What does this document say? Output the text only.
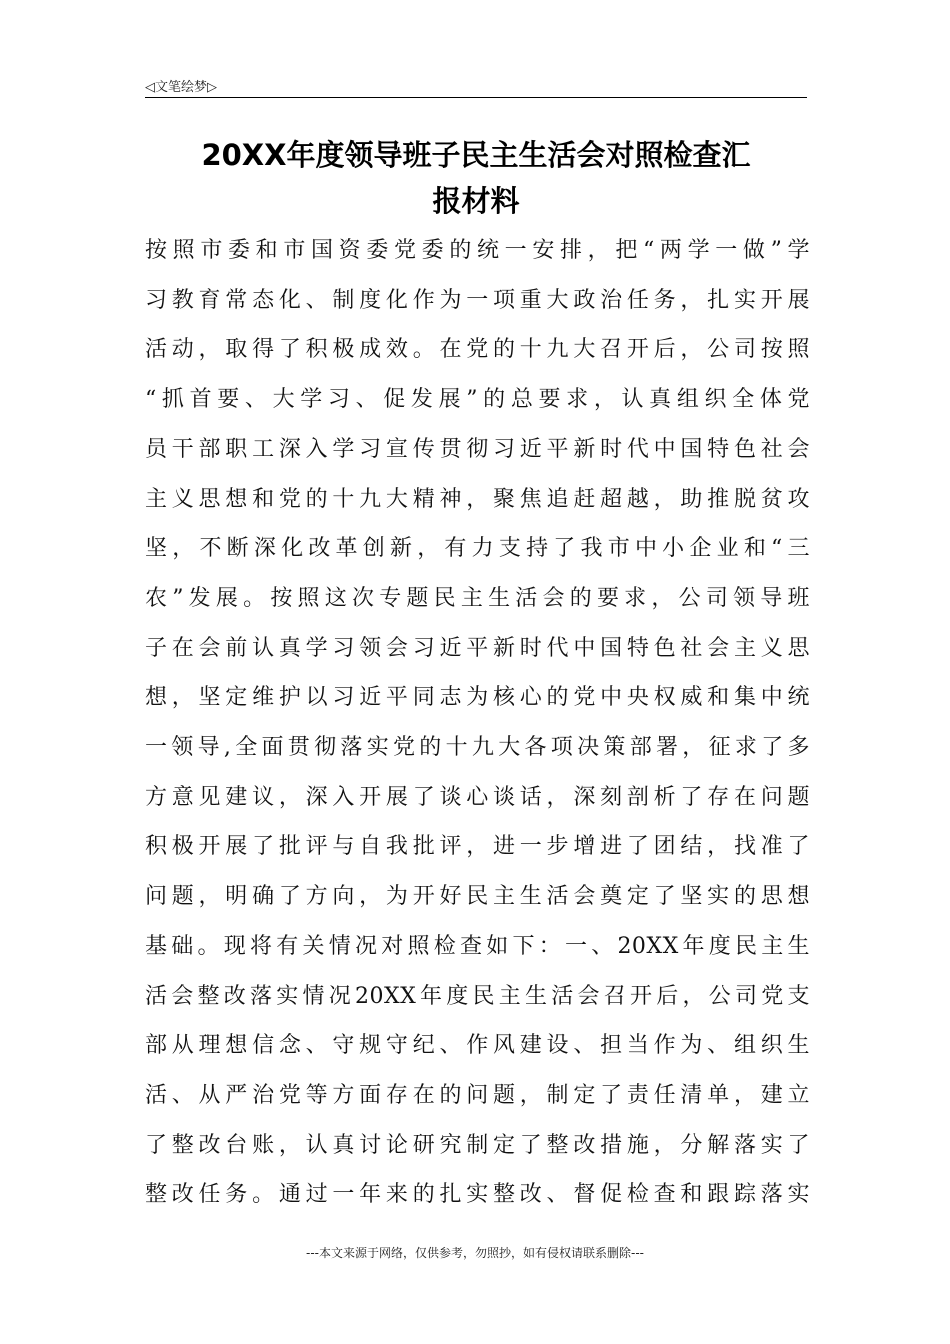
◁文笔绘梦▷
20XX年度领导班子民主生活会对照检查汇
报材料
按照市委和市国资委党委的统一安排，把“两学一做”学
习教育常态化、制度化作为一项重大政治任务，扎实开展
活动，取得了积极成效。在党的十九大召开后，公司按照
“抓首要、大学习、促发展”的总要求，认真组织全体党
员干部职工深入学习宣传贯彻习近平新时代中国特色社会
主义思想和党的十九大精神，聚焦追赶超越，助推脱贫攻
坚，不断深化改革创新，有力支持了我市中小企业和“三
农”发展。按照这次专题民主生活会的要求，公司领导班
子在会前认真学习领会习近平新时代中国特色社会主义思
想，坚定维护以习近平同志为核心的党中央权威和集中统
一领导,全面贯彻落实党的十九大各项决策部署，征求了多
方意见建议，深入开展了谈心谈话，深刻剖析了存在问题
积极开展了批评与自我批评，进一步增进了团结，找准了
问题，明确了方向，为开好民主生活会奠定了坚实的思想
基础。现将有关情况对照检查如下：一、20XX年度民主生
活会整改落实情况20XX年度民主生活会召开后，公司党支
部从理想信念、守规守纪、作风建设、担当作为、组织生
活、从严治党等方面存在的问题，制定了责任清单，建立
了整改台账，认真讨论研究制定了整改措施，分解落实了
整改任务。通过一年来的扎实整改、督促检查和跟踪落实
---本文来源于网络，仅供参考，勿照抄，如有侵权请联系删除---
